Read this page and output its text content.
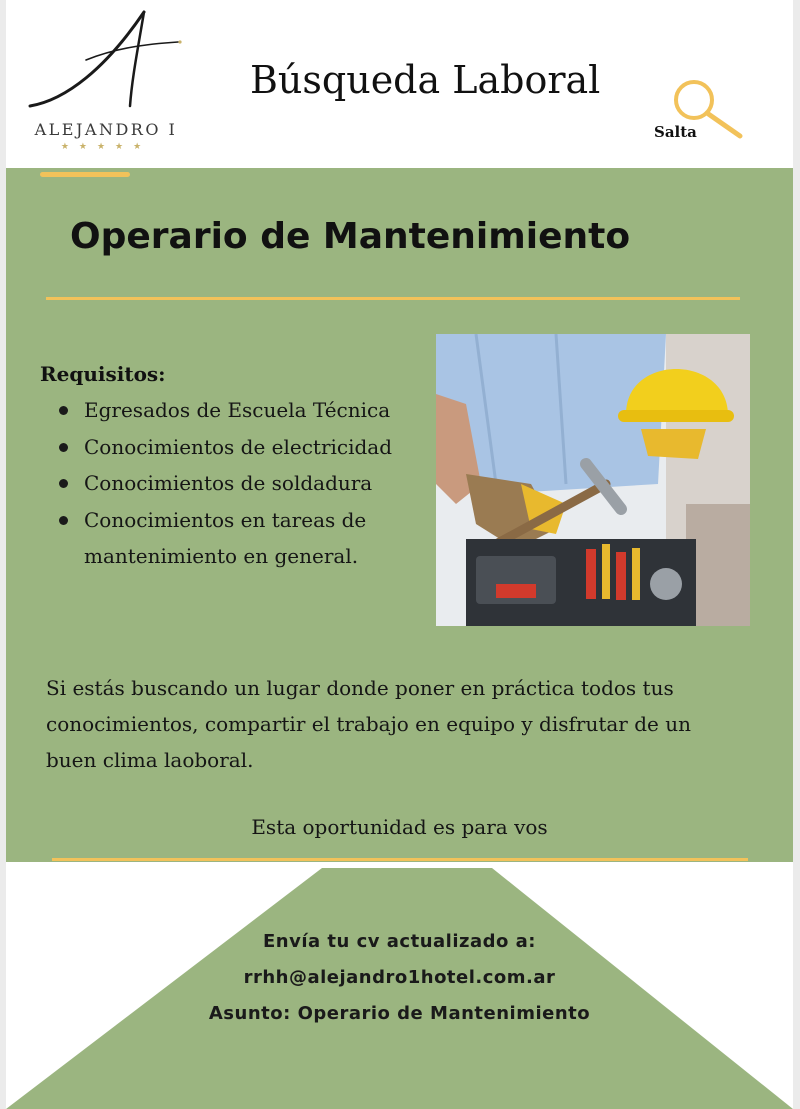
ALEJANDRO I
★★★★★
Búsqueda Laboral
Salta
Operario de Mantenimiento
Requisitos:
Egresados de Escuela Técnica
Conocimientos de electricidad
Conocimientos de soldadura
Conocimientos en tareas de mantenimiento en general.
Si estás buscando un lugar donde poner en práctica todos tus conocimientos, compartir el trabajo en equipo y disfrutar de un buen clima laoboral.
Esta oportunidad es para vos
Envía tu cv actualizado a:
rrhh@alejandro1hotel.com.ar
Asunto: Operario de Mantenimiento
